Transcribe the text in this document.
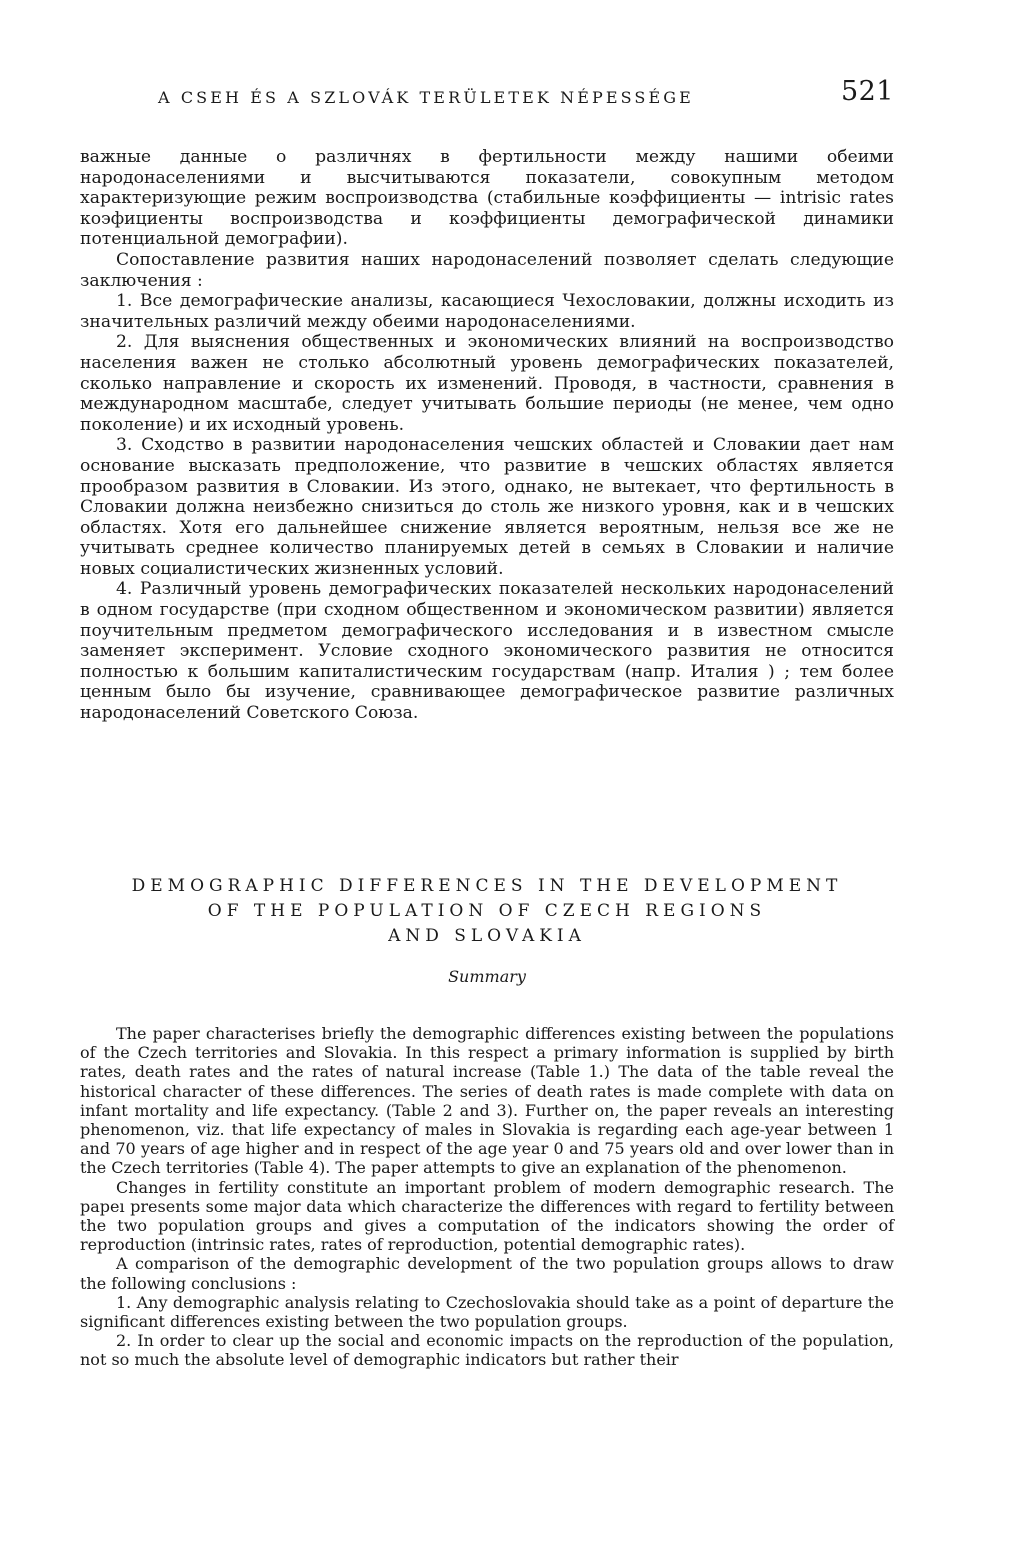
A CSEH ÉS A SZLOVÁK TERÜLETEK NÉPESSÉGE	521

важные данные о различнях в фертильности между нашими обеими народонаселениями и высчитываются показатели, совокупным методом характеризующие режим воспроизводства (стабильные коэффициенты — intrisic rates коэфициенты воспроизводства и коэффициенты демографической динамики потенциальной демографии).

Сопоставление развития наших народонаселений позволяет сделать следующие заключения :

1. Все демографические анализы, касающиеся Чехословакии, должны исходить из значительных различий между обеими народонаселениями.

2. Для выяснения общественных и экономических влияний на воспроизводство населения важен не столько абсолютный уровень демографических показателей, сколько направление и скорость их изменений. Проводя, в частности, сравнения в международном масштабе, следует учитывать большие периоды (не менее, чем одно поколение) и их исходный уровень.

3. Сходство в развитии народонаселения чешских областей и Словакии дает нам основание высказать предположение, что развитие в чешских областях является прообразом развития в Словакии. Из этого, однако, не вытекает, что фертильность в Словакии должна неизбежно снизиться до столь же низкого уровня, как и в чешских областях. Хотя его дальнейшее снижение является вероятным, нельзя все же не учитывать среднее количество планируемых детей в семьях в Словакии и наличие новых социалистических жизненных условий.

4. Различный уровень демографических показателей нескольких народонаселений в одном государстве (при сходном общественном и экономическом развитии) является поучительным предметом демографического исследования и в известном смысле заменяет эксперимент. Условие сходного экономического развития не относится полностью к большим капиталистическим государствам (напр. Италия ) ; тем более ценным было бы изучение, сравнивающее демографическое развитие различных народонаселений Советского Союза.

DEMOGRAPHIC DIFFERENCES IN THE DEVELOPMENT
OF THE POPULATION OF CZECH REGIONS
AND SLOVAKIA
Summary

The paper characterises briefly the demographic differences existing between the populations of the Czech territories and Slovakia. In this respect a primary information is supplied by birth rates, death rates and the rates of natural increase (Table 1.) The data of the table reveal the historical character of these differences. The series of death rates is made complete with data on infant mortality and life expectancy. (Table 2 and 3). Further on, the paper reveals an interesting phenomenon, viz. that life expectancy of males in Slovakia is regarding each age-year between 1 and 70 years of age higher and in respect of the age year 0 and 75 years old and over lower than in the Czech territories (Table 4). The paper attempts to give an explanation of the phenomenon.

Changes in fertility constitute an important problem of modern demographic research. The papeı presents some major data which characterize the differences with regard to fertility between the two population groups and gives a computation of the indicators showing the order of reproduction (intrinsic rates, rates of reproduction, potential demographic rates).

A comparison of the demographic development of the two population groups allows to draw the following conclusions :

1. Any demographic analysis relating to Czechoslovakia should take as a point of departure the significant differences existing between the two population groups.

2. In order to clear up the social and economic impacts on the reproduction of the population, not so much the absolute level of demographic indicators but rather their
